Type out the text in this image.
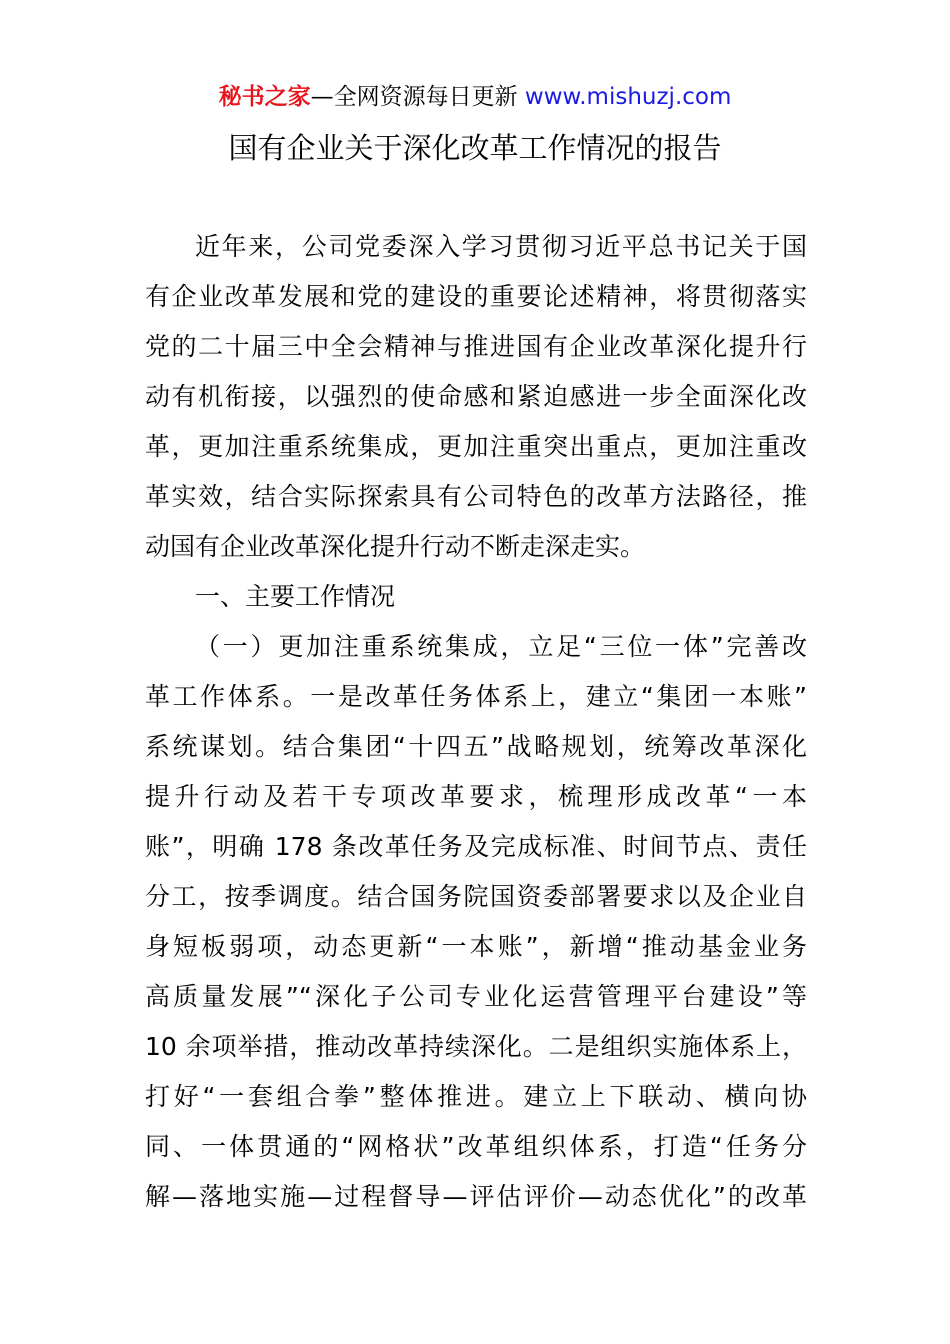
秘书之家—全网资源每日更新 www.mishuzj.com
国有企业关于深化改革工作情况的报告
近年来，公司党委深入学习贯彻习近平总书记关于国
有企业改革发展和党的建设的重要论述精神，将贯彻落实
党的二十届三中全会精神与推进国有企业改革深化提升行
动有机衔接，以强烈的使命感和紧迫感进一步全面深化改
革，更加注重系统集成，更加注重突出重点，更加注重改
革实效，结合实际探索具有公司特色的改革方法路径，推
动国有企业改革深化提升行动不断走深走实。
一、主要工作情况
（一）更加注重系统集成，立足“三位一体”完善改
革工作体系。一是改革任务体系上，建立“集团一本账”
系统谋划。结合集团“十四五”战略规划，统筹改革深化
提升行动及若干专项改革要求，梳理形成改革“一本
账”，明确 178 条改革任务及完成标准、时间节点、责任
分工，按季调度。结合国务院国资委部署要求以及企业自
身短板弱项，动态更新“一本账”，新增“推动基金业务
高质量发展”“深化子公司专业化运营管理平台建设”等
10 余项举措，推动改革持续深化。二是组织实施体系上，
打好“一套组合拳”整体推进。建立上下联动、横向协
同、一体贯通的“网格状”改革组织体系，打造“任务分
解—落地实施—过程督导—评估评价—动态优化”的改革
